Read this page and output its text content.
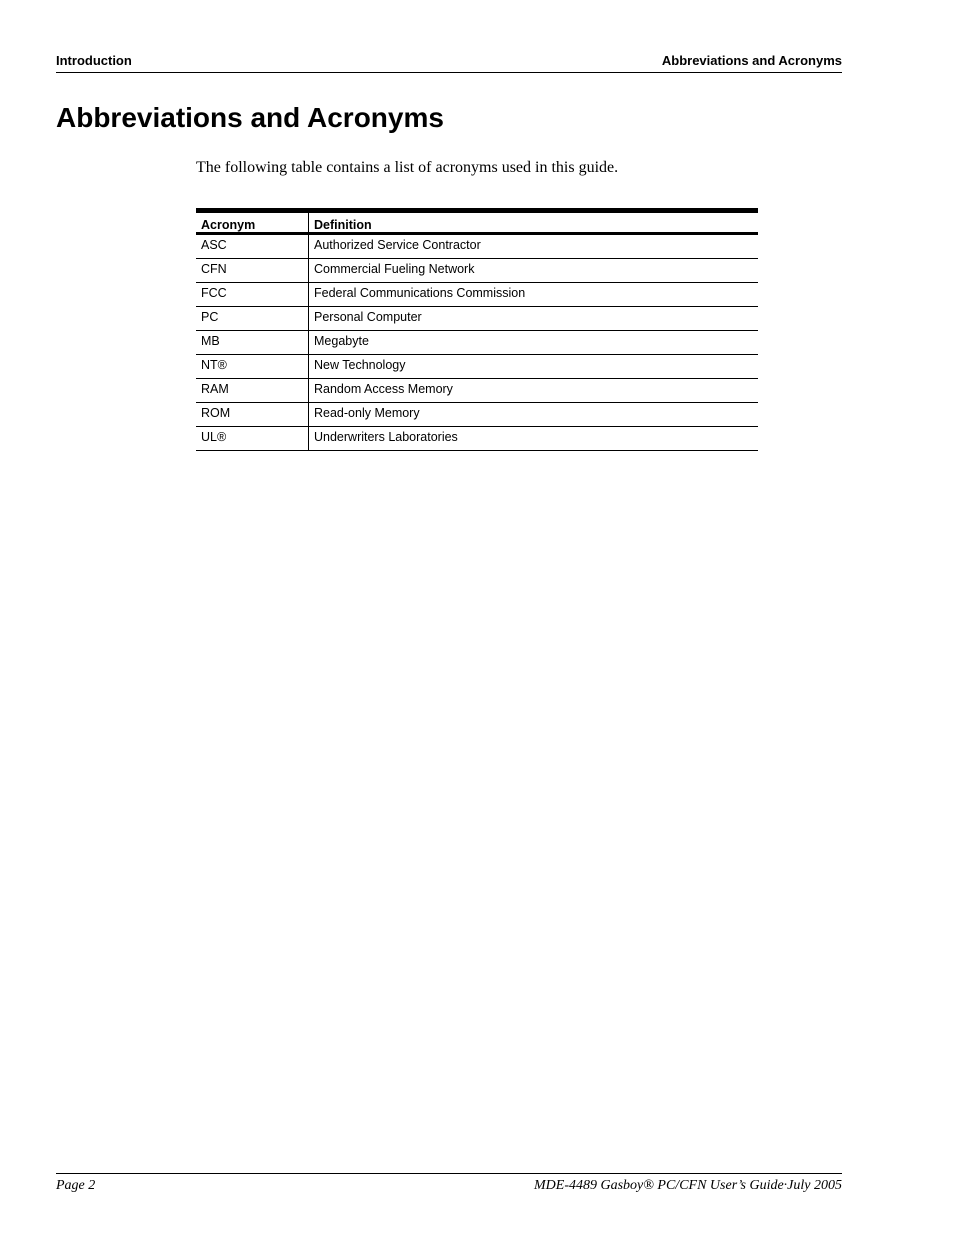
Introduction	Abbreviations and Acronyms
Abbreviations and Acronyms

The following table contains a list of acronyms used in this guide.

Acronym	Definition
ASC	Authorized Service Contractor
CFN	Commercial Fueling Network
FCC	Federal Communications Commission
PC	Personal Computer
MB	Megabyte
NT®	New Technology
RAM	Random Access Memory
ROM	Read-only Memory
UL®	Underwriters Laboratories
Page 2	MDE-4489 Gasboy® PC/CFN User’s Guide·July 2005
